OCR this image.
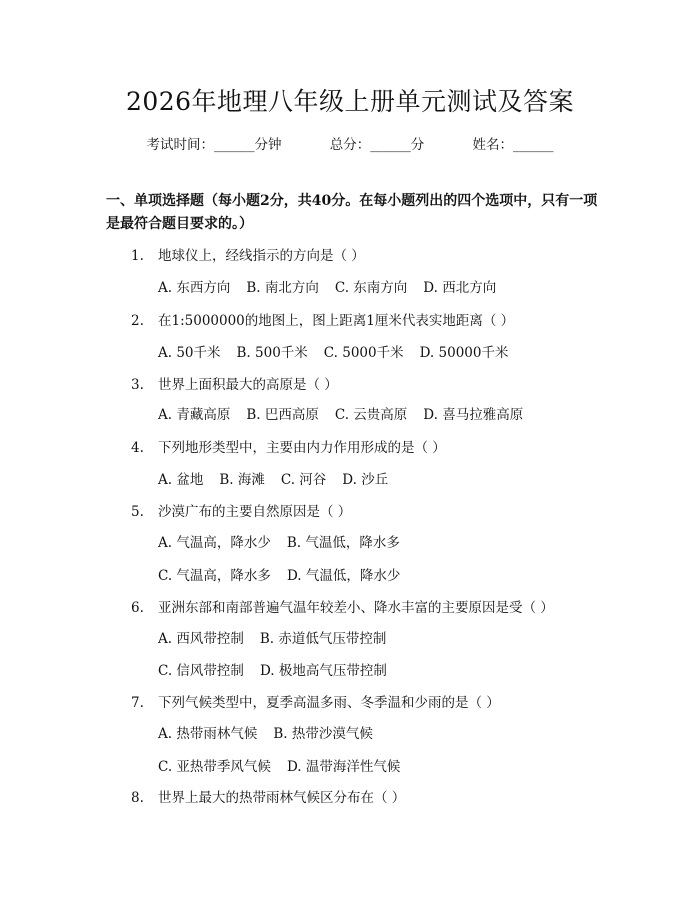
2026年地理八年级上册单元测试及答案
考试时间：______分钟	总分：______分	姓名：______
一、单项选择题（每小题2分，共40分。在每小题列出的四个选项中，只有一项
是最符合题目要求的。）
1. 地球仪上，经线指示的方向是（ ）
A. 东西方向 B. 南北方向 C. 东南方向 D. 西北方向
2. 在1:5000000的地图上，图上距离1厘米代表实地距离（ ）
A. 50千米 B. 500千米 C. 5000千米 D. 50000千米
3. 世界上面积最大的高原是（ ）
A. 青藏高原 B. 巴西高原 C. 云贵高原 D. 喜马拉雅高原
4. 下列地形类型中，主要由内力作用形成的是（ ）
A. 盆地 B. 海滩 C. 河谷 D. 沙丘
5. 沙漠广布的主要自然原因是（ ）
A. 气温高，降水少 B. 气温低，降水多
C. 气温高，降水多 D. 气温低，降水少
6. 亚洲东部和南部普遍气温年较差小、降水丰富的主要原因是受（ ）
A. 西风带控制 B. 赤道低气压带控制
C. 信风带控制 D. 极地高气压带控制
7. 下列气候类型中，夏季高温多雨、冬季温和少雨的是（ ）
A. 热带雨林气候 B. 热带沙漠气候
C. 亚热带季风气候 D. 温带海洋性气候
8. 世界上最大的热带雨林气候区分布在（ ）
